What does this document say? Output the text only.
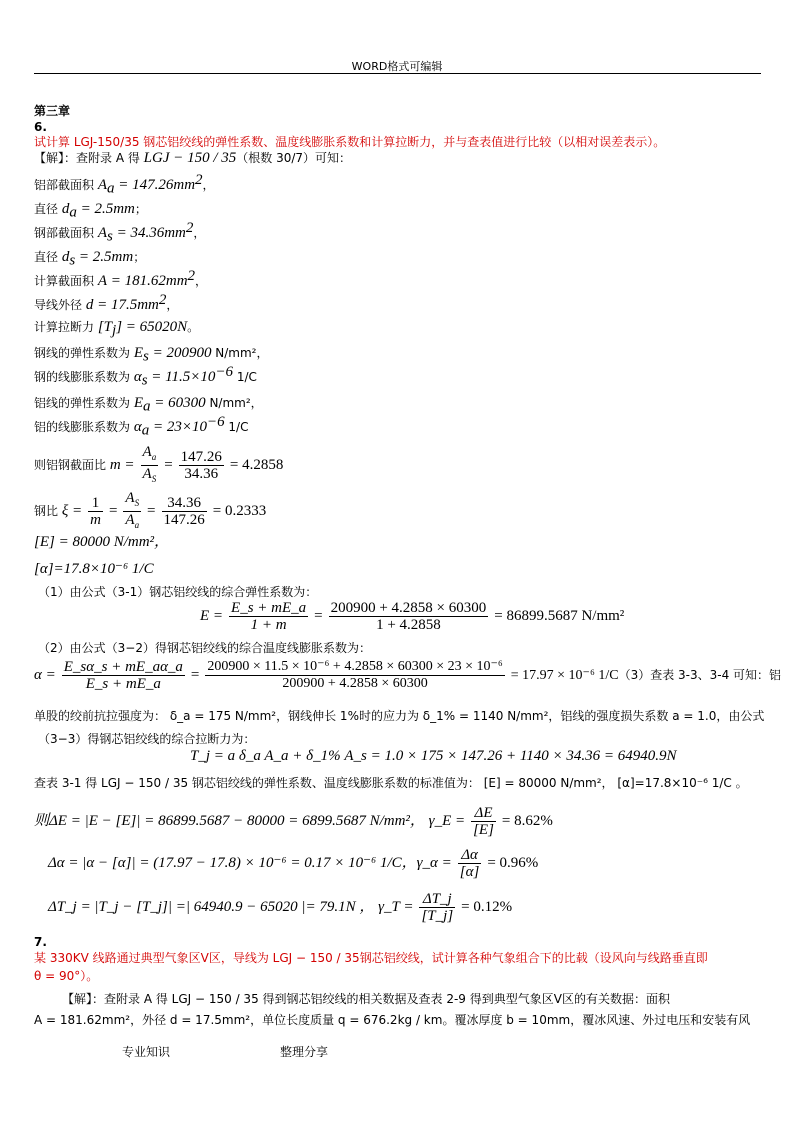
WORD格式可编辑
第三章
6.
试计算 LGJ-150/35 钢芯铝绞线的弹性系数、温度线膨胀系数和计算拉断力，并与查表值进行比较（以相对误差表示）。
【解】：查附录 A 得 LGJ − 150 / 35（根数 30/7）可知：
铝部截面积 $A_a = 147.26mm^2$，
直径 $d_a = 2.5mm$；
钢部截面积 $A_s = 34.36mm^2$，
直径 $d_s = 2.5mm$；
计算截面积 $A = 181.62mm^2$，
导线外径 $d = 17.5mm^2$，
计算拉断力 $[T_j] = 65020N$。
钢线的弹性系数为 $E_s = 200900$ N/mm²，
钢的线膨胀系数为 $\alpha_s = 11.5\times 10^{-6}$ 1/C
铝线的弹性系数为 $E_a = 60300$ N/mm²，
铝的线膨胀系数为 $\alpha_a = 23\times 10^{-6}$ 1/C
则铝钢截面比 $m = \frac{A_a}{A_S} = \frac{147.26}{34.36} = 4.2858$
钢比 $\xi = \frac{1}{m} = \frac{A_S}{A_a} = \frac{34.36}{147.26} = 0.2333$
[E] = 80000 N/mm²，
[α]=17.8×10⁻⁶ 1/C
（1）由公式（3-1）钢芯铝绞线的综合弹性系数为：
$E = \frac{E\_s + mE\_a}{1 + m} = \frac{200900 + 4.2858 \times 60300}{1 + 4.2858} = 86899.5687$ N/mm²
（2）由公式（3−2）得钢芯铝绞线的综合温度线膨胀系数为：
$\alpha = \frac{E\_s\alpha\_s + mE\_a\alpha\_a}{E\_s + mE\_a} = \frac{\text{200900 × 11.5 × 10⁻⁶ + 4.2858 × 60300 × 23 × 10⁻⁶}}{200900 + 4.2858 \times 60300} = 17.97 \times 10^{-6}$ 1/C（3）查表 3-3、3-4 可知：铝
单股的绞前抗拉强度为： δ_a = 175 N/mm²，钢线伸长 1%时的应力为 δ_1% = 1140 N/mm²，铝线的强度损失系数 a = 1.0，由公式
（3−3）得钢芯铝绞线的综合拉断力为：
T_j = a δ_a A_a + δ_1% A_s = 1.0 × 175 × 147.26 + 1140 × 34.36 = 64940.9N
查表 3-1 得 LGJ − 150 / 35 钢芯铝绞线的弹性系数、温度线膨胀系数的标准值为： [E] = 80000 N/mm²， [α]=17.8×10⁻⁶ 1/C 。
则ΔE = |E − [E]| = 86899.5687 − 80000 = 6899.5687 N/mm²， γ_E = $\frac{\Delta E}{[E]} = 8.62\%$
Δα = |α − [α]| = (17.97 − 17.8) × 10⁻⁶ = 0.17 × 10⁻⁶ 1/C，γ_α = $\frac{\Delta\alpha}{[\alpha]} = 0.96\%$
ΔT_j = |T_j − [T_j]| =| 64940.9 − 65020 |= 79.1N ， γ_T = $\frac{\Delta T\_j}{[T\_j]} = 0.12\%$
7.
某 330KV 线路通过典型气象区Ⅴ区，导线为 LGJ − 150 / 35钢芯铝绞线，试计算各种气象组合下的比载（设风向与线路垂直即
θ = 90°）。
【解】：查附录 A 得 LGJ − 150 / 35 得到钢芯铝绞线的相关数据及查表 2-9 得到典型气象区Ⅴ区的有关数据：面积
A = 181.62mm²，外径 d = 17.5mm²，单位长度质量 q = 676.2kg / km。覆冰厚度 b = 10mm，覆冰风速、外过电压和安装有风
专业知识	整理分享
